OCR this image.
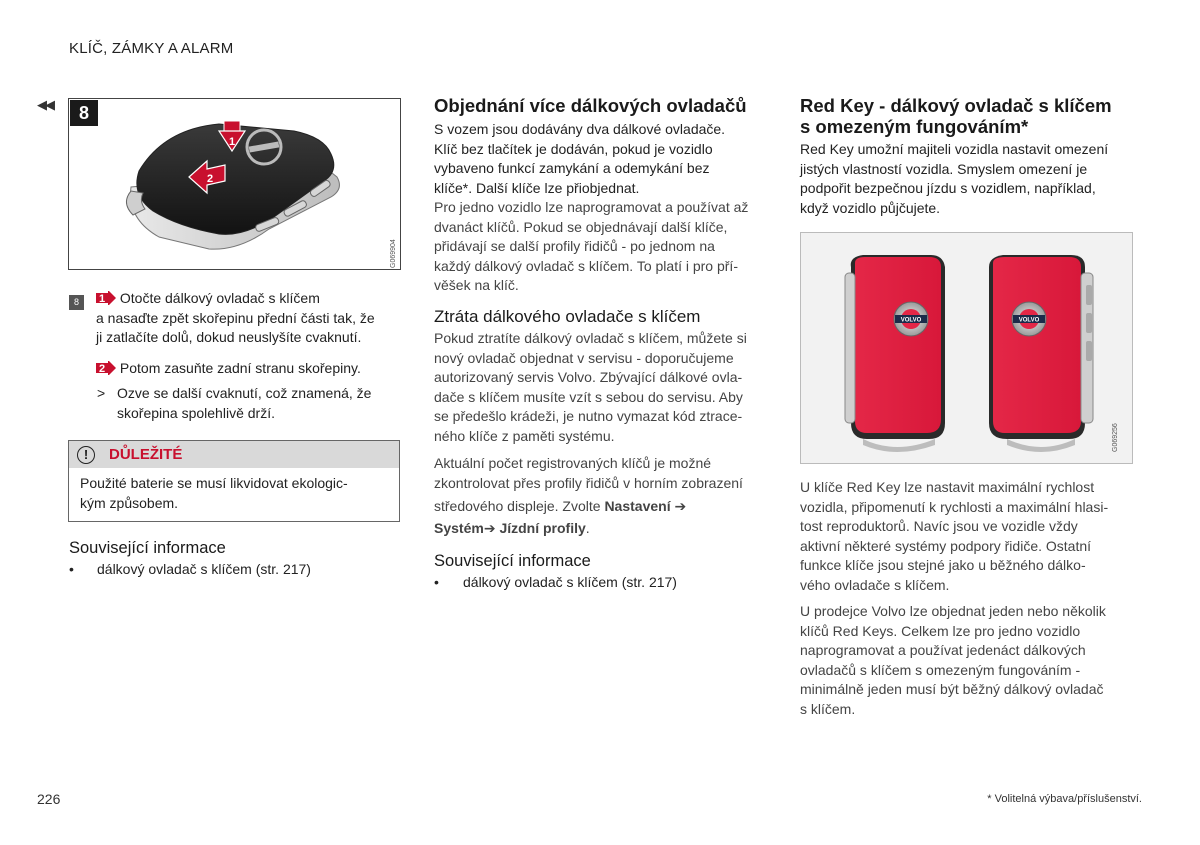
KLÍČ, ZÁMKY A ALARM
◀◀
1
2
8
G069904
8	1 Otočte dálkový ovladač s klíčem
a nasaďte zpět skořepinu přední části tak, že
ji zatlačíte dolů, dokud neuslyšíte cvaknutí.
2 Potom zasuňte zadní stranu skořepiny.
> Ozve se další cvaknutí, což znamená, že
skořepina spolehlivě drží.
!	DŮLEŽITÉ
Použité baterie se musí likvidovat ekologic-
kým způsobem.
Související informace
• dálkový ovladač s klíčem (str. 217)
Objednání více dálkových ovladačů
S vozem jsou dodávány dva dálkové ovladače.
Klíč bez tlačítek je dodáván, pokud je vozidlo
vybaveno funkcí zamykání a odemykání bez
klíče*. Další klíče lze přiobjednat.
Pro jedno vozidlo lze naprogramovat a používat až
dvanáct klíčů. Pokud se objednávají další klíče,
přidávají se další profily řidičů - po jednom na
každý dálkový ovladač s klíčem. To platí i pro pří-
věšek na klíč.
Ztráta dálkového ovladače s klíčem
Pokud ztratíte dálkový ovladač s klíčem, můžete si
nový ovladač objednat v servisu - doporučujeme
autorizovaný servis Volvo. Zbývající dálkové ovla-
dače s klíčem musíte vzít s sebou do servisu. Aby
se předešlo krádeži, je nutno vymazat kód ztrace-
ného klíče z paměti systému.
Aktuální počet registrovaných klíčů je možné
zkontrolovat přes profily řidičů v horním zobrazení
středového displeje. Zvolte Nastavení ➔
Systém➔ Jízdní profily.
Související informace
• dálkový ovladač s klíčem (str. 217)
Red Key - dálkový ovladač s klíčem
s omezeným fungováním*
Red Key umožní majiteli vozidla nastavit omezení
jistých vlastností vozidla. Smyslem omezení je
podpořit bezpečnou jízdu s vozidlem, například,
když vozidlo půjčujete.
VOLVO	VOLVO
G069256
U klíče Red Key lze nastavit maximální rychlost
vozidla, připomenutí k rychlosti a maximální hlasi-
tost reproduktorů. Navíc jsou ve vozidle vždy
aktivní některé systémy podpory řidiče. Ostatní
funkce klíče jsou stejné jako u běžného dálko-
vého ovladače s klíčem.
U prodejce Volvo lze objednat jeden nebo několik
klíčů Red Keys. Celkem lze pro jedno vozidlo
naprogramovat a používat jedenáct dálkových
ovladačů s klíčem s omezeným fungováním -
minimálně jeden musí být běžný dálkový ovladač
s klíčem.
226	* Volitelná výbava/příslušenství.
